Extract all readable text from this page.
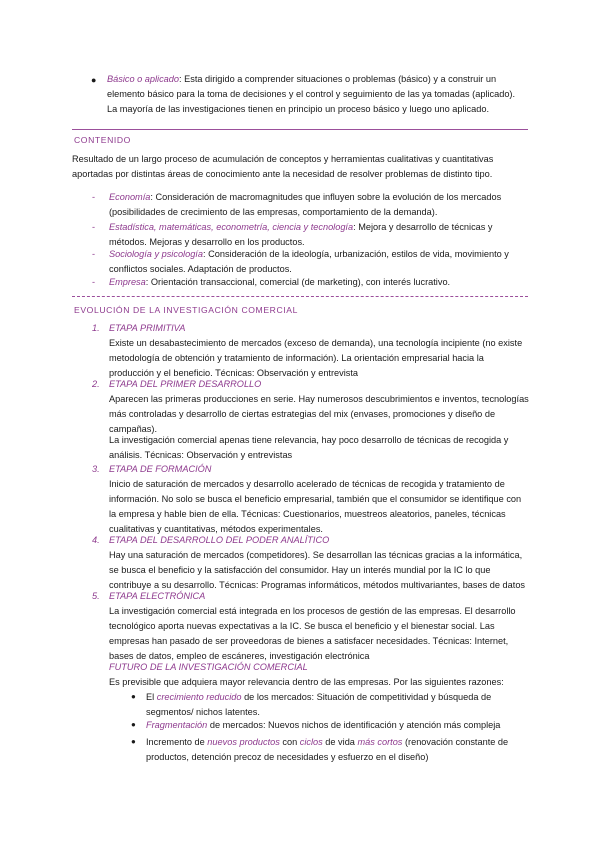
● Básico o aplicado: Esta dirigido a comprender situaciones o problemas (básico) y a construir un elemento básico para la toma de decisiones y el control y seguimiento de las ya tomadas (aplicado).
La mayoría de las investigaciones tienen en principio un proceso básico y luego uno aplicado.
CONTENIDO
Resultado de un largo proceso de acumulación de conceptos y herramientas cualitativas y cuantitativas aportadas por distintas áreas de conocimiento ante la necesidad de resolver problemas de distinto tipo.
- Economía: Consideración de macromagnitudes que influyen sobre la evolución de los mercados (posibilidades de crecimiento de las empresas, comportamiento de la demanda).
- Estadística, matemáticas, econometría, ciencia y tecnología: Mejora y desarrollo de técnicas y métodos. Mejoras y desarrollo en los productos.
- Sociología y psicología: Consideración de la ideología, urbanización, estilos de vida, movimiento y conflictos sociales. Adaptación de productos.
- Empresa: Orientación transaccional, comercial (de marketing), con interés lucrativo.
EVOLUCIÓN DE LA INVESTIGACIÓN COMERCIAL
1. ETAPA PRIMITIVA
Existe un desabastecimiento de mercados (exceso de demanda), una tecnología incipiente (no existe metodología de obtención y tratamiento de información). La orientación empresarial hacia la producción y el beneficio. Técnicas: Observación y entrevista
2. ETAPA DEL PRIMER DESARROLLO
Aparecen las primeras producciones en serie. Hay numerosos descubrimientos e inventos, tecnologías más controladas y desarrollo de ciertas estrategias del mix (envases, promociones y diseño de campañas).
La investigación comercial apenas tiene relevancia, hay poco desarrollo de técnicas de recogida y análisis. Técnicas: Observación y entrevistas
3. ETAPA DE FORMACIÓN
Inicio de saturación de mercados y desarrollo acelerado de técnicas de recogida y tratamiento de información. No solo se busca el beneficio empresarial, también que el consumidor se identifique con la empresa y hable bien de ella. Técnicas: Cuestionarios, muestreos aleatorios, paneles, técnicas cualitativas y cuantitativas, métodos experimentales.
4. ETAPA DEL DESARROLLO DEL PODER ANALÍTICO
Hay una saturación de mercados (competidores). Se desarrollan las técnicas gracias a la informática, se busca el beneficio y la satisfacción del consumidor. Hay un interés mundial por la IC lo que contribuye a su desarrollo. Técnicas: Programas informáticos, métodos multivariantes, bases de datos
5. ETAPA ELECTRÓNICA
La investigación comercial está integrada en los procesos de gestión de las empresas. El desarrollo tecnológico aporta nuevas expectativas a la IC. Se busca el beneficio y el bienestar social. Las empresas han pasado de ser proveedoras de bienes a satisfacer necesidades. Técnicas: Internet, bases de datos, empleo de escáneres, investigación electrónica
FUTURO DE LA INVESTIGACIÓN COMERCIAL
Es previsible que adquiera mayor relevancia dentro de las empresas. Por las siguientes razones:
● El crecimiento reducido de los mercados: Situación de competitividad y búsqueda de segmentos/ nichos latentes.
● Fragmentación de mercados: Nuevos nichos de identificación y atención más compleja
● Incremento de nuevos productos con ciclos de vida más cortos (renovación constante de productos, detención precoz de necesidades y esfuerzo en el diseño)
